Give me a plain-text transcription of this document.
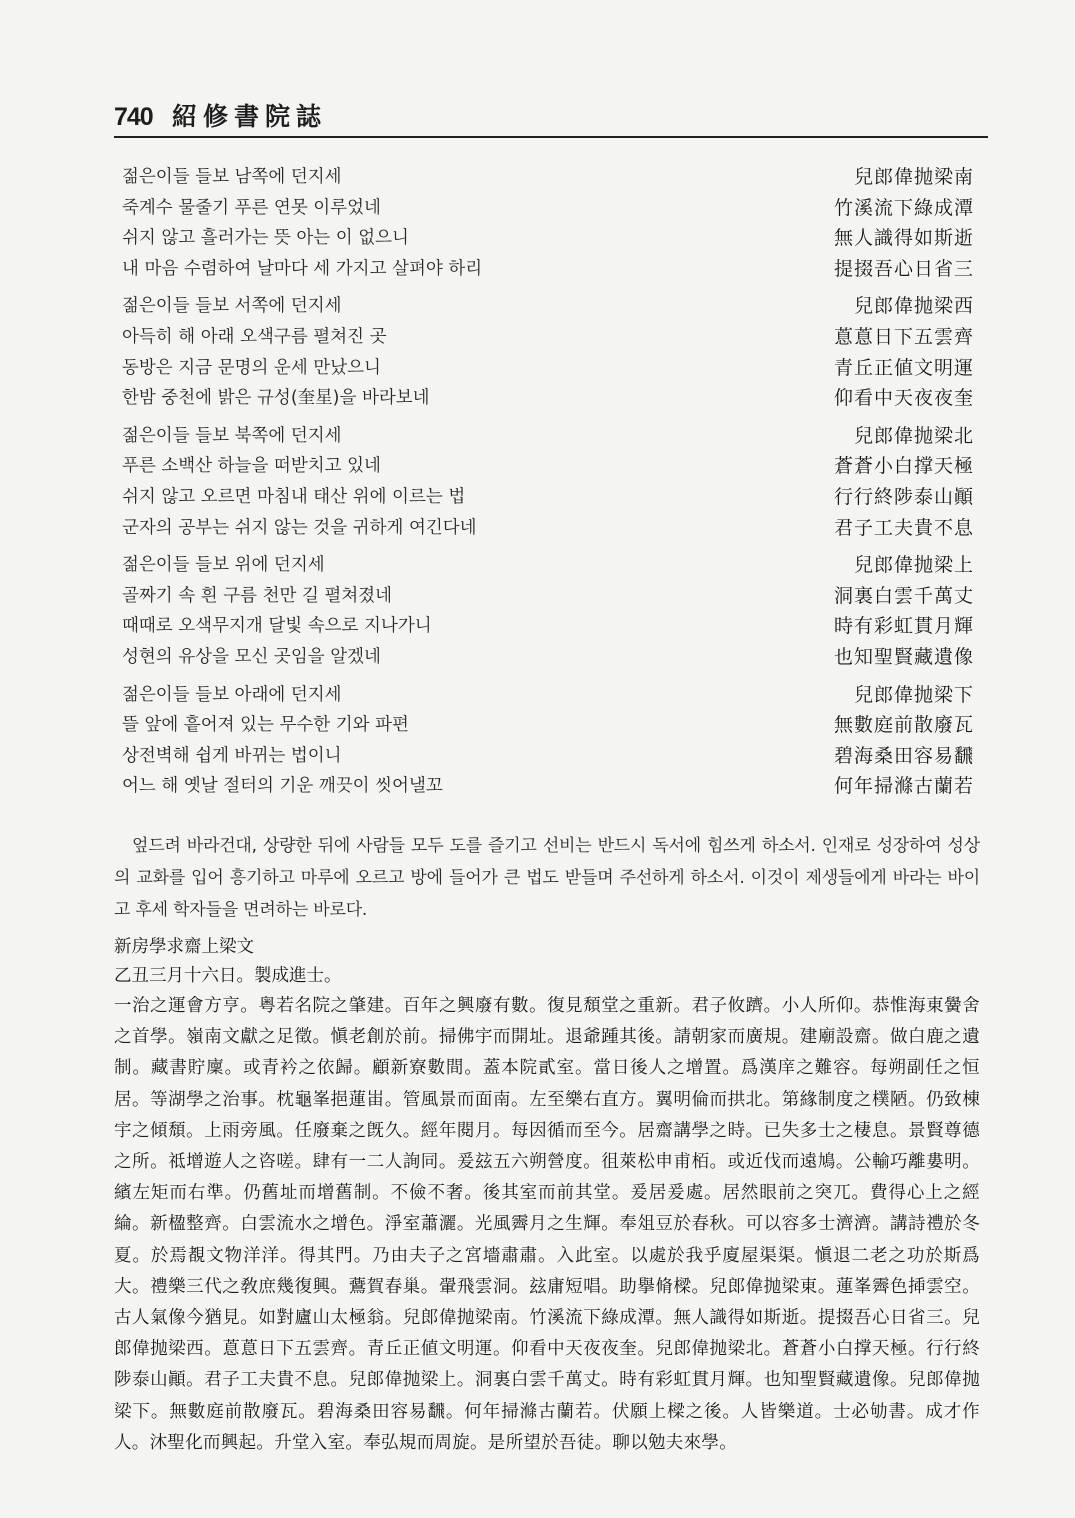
740 紹修書院誌
젊은이들 들보 남쪽에 던지세	兒郎偉抛梁南
죽계수 물줄기 푸른 연못 이루었네	竹溪流下綠成潭
쉬지 않고 흘러가는 뜻 아는 이 없으니	無人識得如斯逝
내 마음 수렴하여 날마다 세 가지고 살펴야 하리	提掇吾心日省三
젊은이들 들보 서쪽에 던지세	兒郎偉抛梁西
아득히 해 아래 오색구름 펼쳐진 곳	蒠蒠日下五雲齊
동방은 지금 문명의 운세 만났으니	青丘正値文明運
한밤 중천에 밝은 규성(奎星)을 바라보네	仰看中天夜夜奎
젊은이들 들보 북쪽에 던지세	兒郎偉抛梁北
푸른 소백산 하늘을 떠받치고 있네	蒼蒼小白撑天極
쉬지 않고 오르면 마침내 태산 위에 이르는 법	行行終陟泰山顚
군자의 공부는 쉬지 않는 것을 귀하게 여긴다네	君子工夫貴不息
젊은이들 들보 위에 던지세	兒郎偉抛梁上
골짜기 속 흰 구름 천만 길 펼쳐졌네	洞裏白雲千萬丈
때때로 오색무지개 달빛 속으로 지나가니	時有彩虹貫月輝
성현의 유상을 모신 곳임을 알겠네	也知聖賢藏遺像
젊은이들 들보 아래에 던지세	兒郎偉抛梁下
뜰 앞에 흩어져 있는 무수한 기와 파편	無數庭前散廢瓦
상전벽해 쉽게 바뀌는 법이니	碧海桑田容易飜
어느 해 옛날 절터의 기운 깨끗이 씻어낼꼬	何年掃滌古蘭若
엎드려 바라건대, 상량한 뒤에 사람들 모두 도를 즐기고 선비는 반드시 독서에 힘쓰게 하소서. 인재로 성장하여 성상의 교화를 입어 흥기하고 마루에 오르고 방에 들어가 큰 법도 받들며 주선하게 하소서. 이것이 제생들에게 바라는 바이고 후세 학자들을 면려하는 바로다.
新房學求齋上梁文
乙丑三月十六日。製成進士。
一治之運會方亨。粤若名院之肇建。百年之興廢有數。復見頹堂之重新。君子攸躋。小人所仰。恭惟海東黌舍之首學。嶺南文獻之足徵。愼老創於前。掃佛宇而開址。退爺踵其後。請朝家而廣規。建廟設齋。做白鹿之遺制。藏書貯廩。或青衿之依歸。顧新寮數間。蓋本院貳室。當日後人之增置。爲漢庠之難容。每朔副任之恒居。等湖學之治事。枕龜峯挹蓮峀。管風景而面南。左至樂右直方。翼明倫而拱北。第緣制度之樸陋。仍致棟宇之傾頹。上雨旁風。任廢棄之旣久。經年閱月。每因循而至今。居齋講學之時。已失多士之棲息。景賢尊德之所。祗增遊人之咨嗟。肆有一二人詢同。爰玆五六朔營度。徂萊松申甫栢。或近伐而遠鳩。公輸巧離婁明。繽左矩而右準。仍舊址而增舊制。不儉不奢。後其室而前其堂。爰居爰處。居然眼前之突兀。費得心上之經綸。新楹整齊。白雲流水之增色。淨室蕭灑。光風霽月之生輝。奉俎豆於春秋。可以容多士濟濟。講詩禮於冬夏。於焉覩文物洋洋。得其門。乃由夫子之宮墻肅肅。入此室。以處於我乎廈屋渠渠。愼退二老之功於斯爲大。禮樂三代之敎庶幾復興。鷰賀春巢。翬飛雲洞。玆庸短唱。助擧脩樑。兒郎偉抛梁東。蓮峯霽色揷雲空。古人氣像今猶見。如對廬山太極翁。兒郎偉抛梁南。竹溪流下綠成潭。無人識得如斯逝。提掇吾心日省三。兒郎偉抛梁西。蒠蒠日下五雲齊。青丘正値文明運。仰看中天夜夜奎。兒郎偉抛梁北。蒼蒼小白撑天極。行行終陟泰山顚。君子工夫貴不息。兒郎偉抛梁上。洞裏白雲千萬丈。時有彩虹貫月輝。也知聖賢藏遺像。兒郎偉抛梁下。無數庭前散廢瓦。碧海桑田容易飜。何年掃滌古蘭若。伏願上樑之後。人皆樂道。士必劬書。成才作人。沐聖化而興起。升堂入室。奉弘規而周旋。是所望於吾徒。聊以勉夫來學。
